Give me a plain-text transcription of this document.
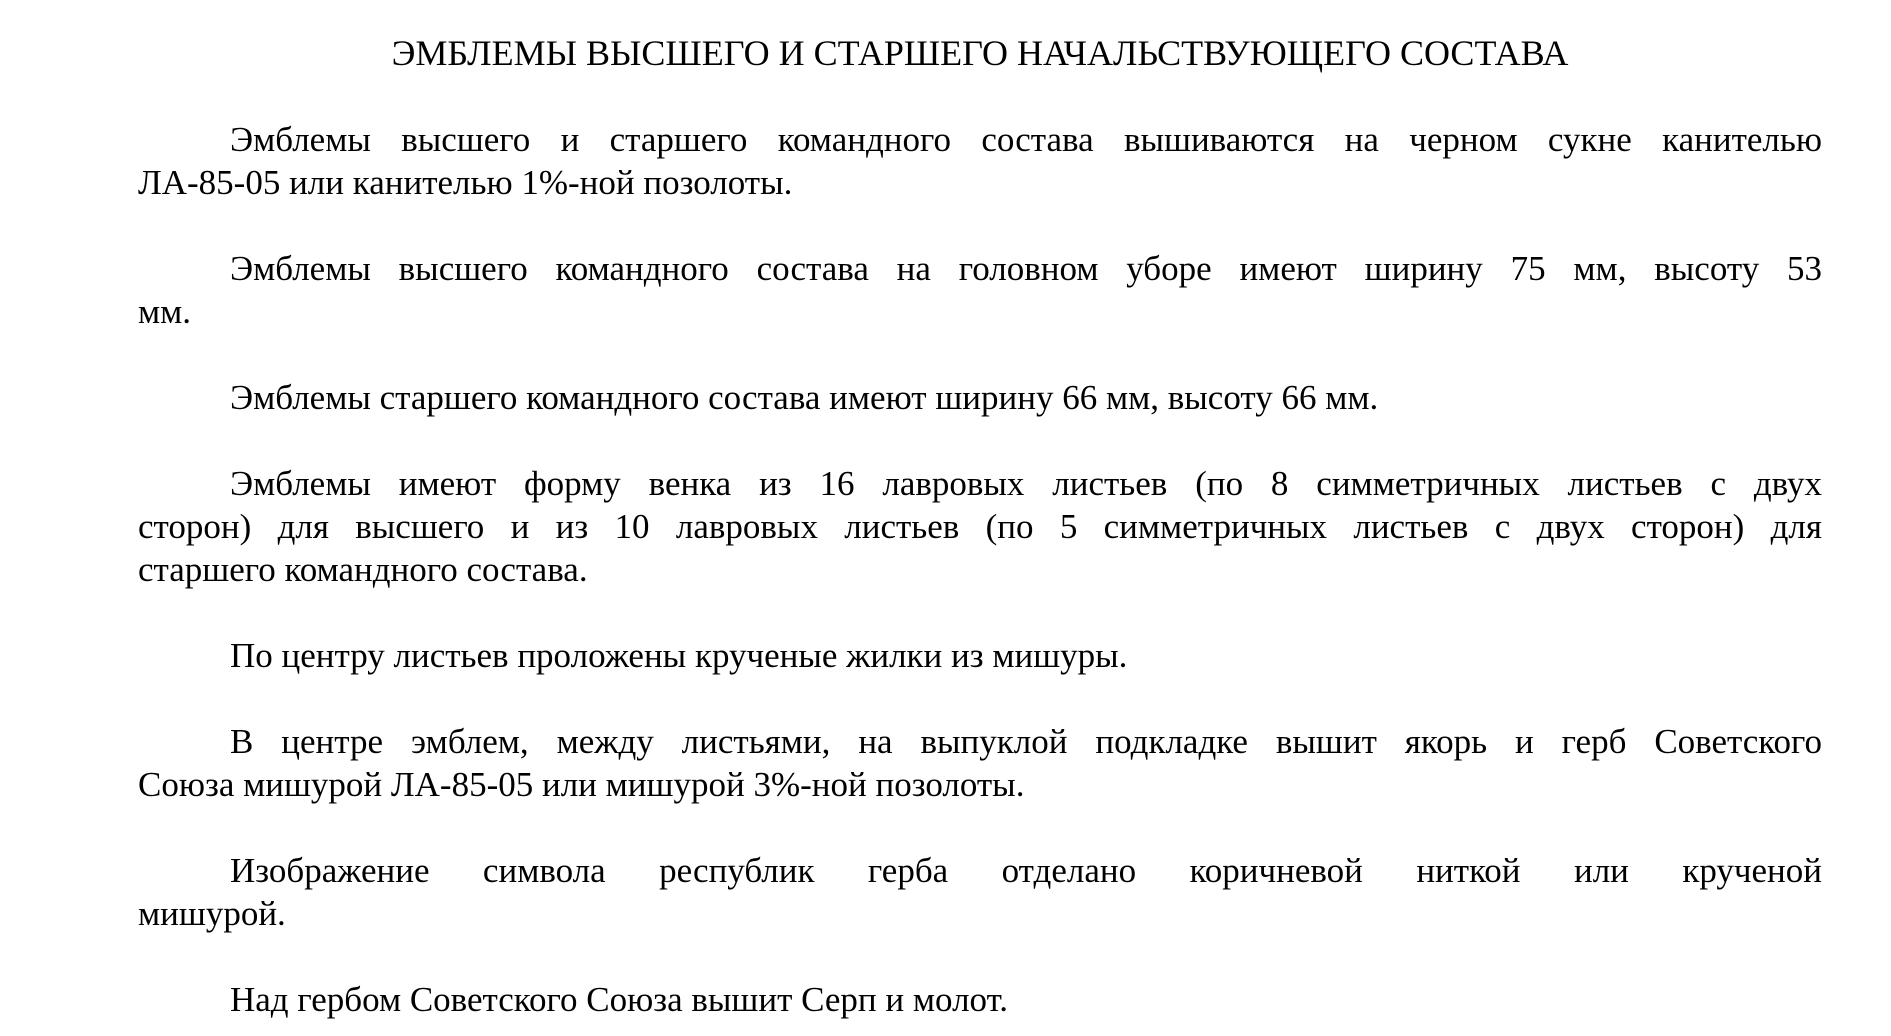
ЭМБЛЕМЫ ВЫСШЕГО И СТАРШЕГО НАЧАЛЬСТВУЮЩЕГО СОСТАВА
Эмблемы высшего и старшего командного состава вышиваются на черном сукне канителью
ЛА-85-05 или канителью 1%-ной позолоты.
Эмблемы высшего командного состава на головном уборе имеют ширину 75 мм, высоту 53
мм.
Эмблемы старшего командного состава имеют ширину 66 мм, высоту 66 мм.
Эмблемы имеют форму венка из 16 лавровых листьев (по 8 симметричных листьев с двух
сторон) для высшего и из 10 лавровых листьев (по 5 симметричных листьев с двух сторон) для
старшего командного состава.
По центру листьев проложены крученые жилки из мишуры.
В центре эмблем, между листьями, на выпуклой подкладке вышит якорь и герб Советского
Союза мишурой ЛА-85-05 или мишурой 3%-ной позолоты.
Изображение символа республик герба отделано коричневой ниткой или крученой
мишурой.
Над гербом Советского Союза вышит Серп и молот.
